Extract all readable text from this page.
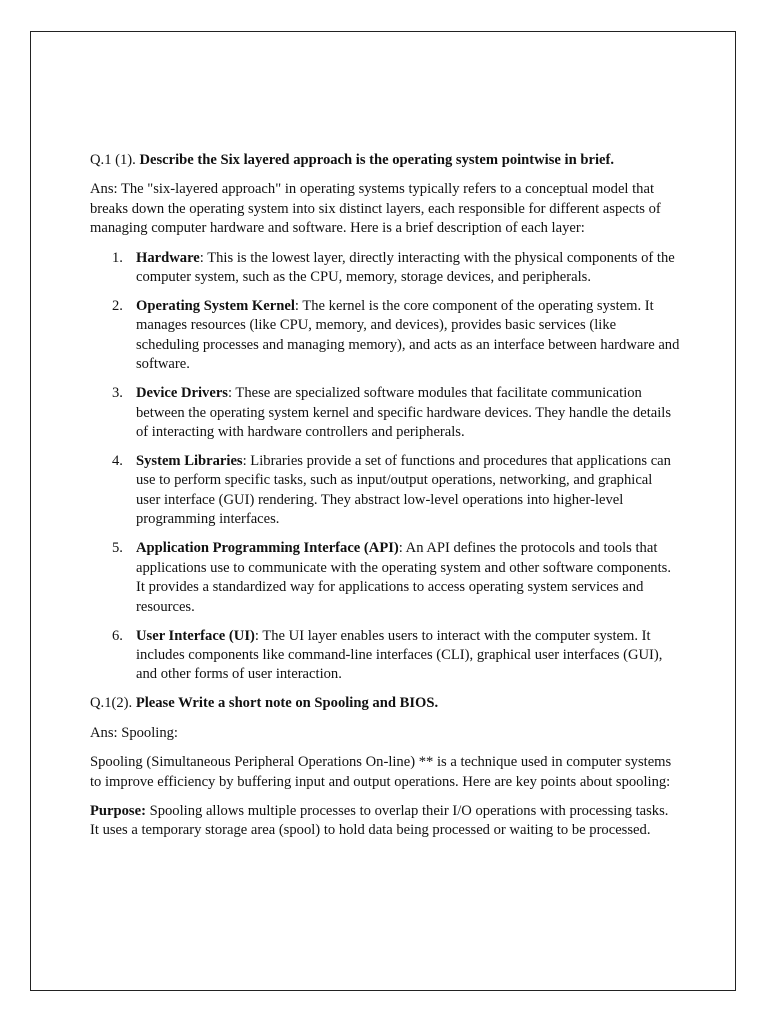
Q.1 (1). Describe the Six layered approach is the operating system pointwise in brief.

Ans: The "six-layered approach" in operating systems typically refers to a conceptual model that breaks down the operating system into six distinct layers, each responsible for different aspects of managing computer hardware and software. Here is a brief description of each layer:

1. Hardware: This is the lowest layer, directly interacting with the physical components of the computer system, such as the CPU, memory, storage devices, and peripherals.
2. Operating System Kernel: The kernel is the core component of the operating system. It manages resources (like CPU, memory, and devices), provides basic services (like scheduling processes and managing memory), and acts as an interface between hardware and software.
3. Device Drivers: These are specialized software modules that facilitate communication between the operating system kernel and specific hardware devices. They handle the details of interacting with hardware controllers and peripherals.
4. System Libraries: Libraries provide a set of functions and procedures that applications can use to perform specific tasks, such as input/output operations, networking, and graphical user interface (GUI) rendering. They abstract low-level operations into higher-level programming interfaces.
5. Application Programming Interface (API): An API defines the protocols and tools that applications use to communicate with the operating system and other software components. It provides a standardized way for applications to access operating system services and resources.
6. User Interface (UI): The UI layer enables users to interact with the computer system. It includes components like command-line interfaces (CLI), graphical user interfaces (GUI), and other forms of user interaction.

Q.1(2). Please Write a short note on Spooling and BIOS.

Ans: Spooling:

Spooling (Simultaneous Peripheral Operations On-line) ** is a technique used in computer systems to improve efficiency by buffering input and output operations. Here are key points about spooling:

Purpose: Spooling allows multiple processes to overlap their I/O operations with processing tasks. It uses a temporary storage area (spool) to hold data being processed or waiting to be processed.
